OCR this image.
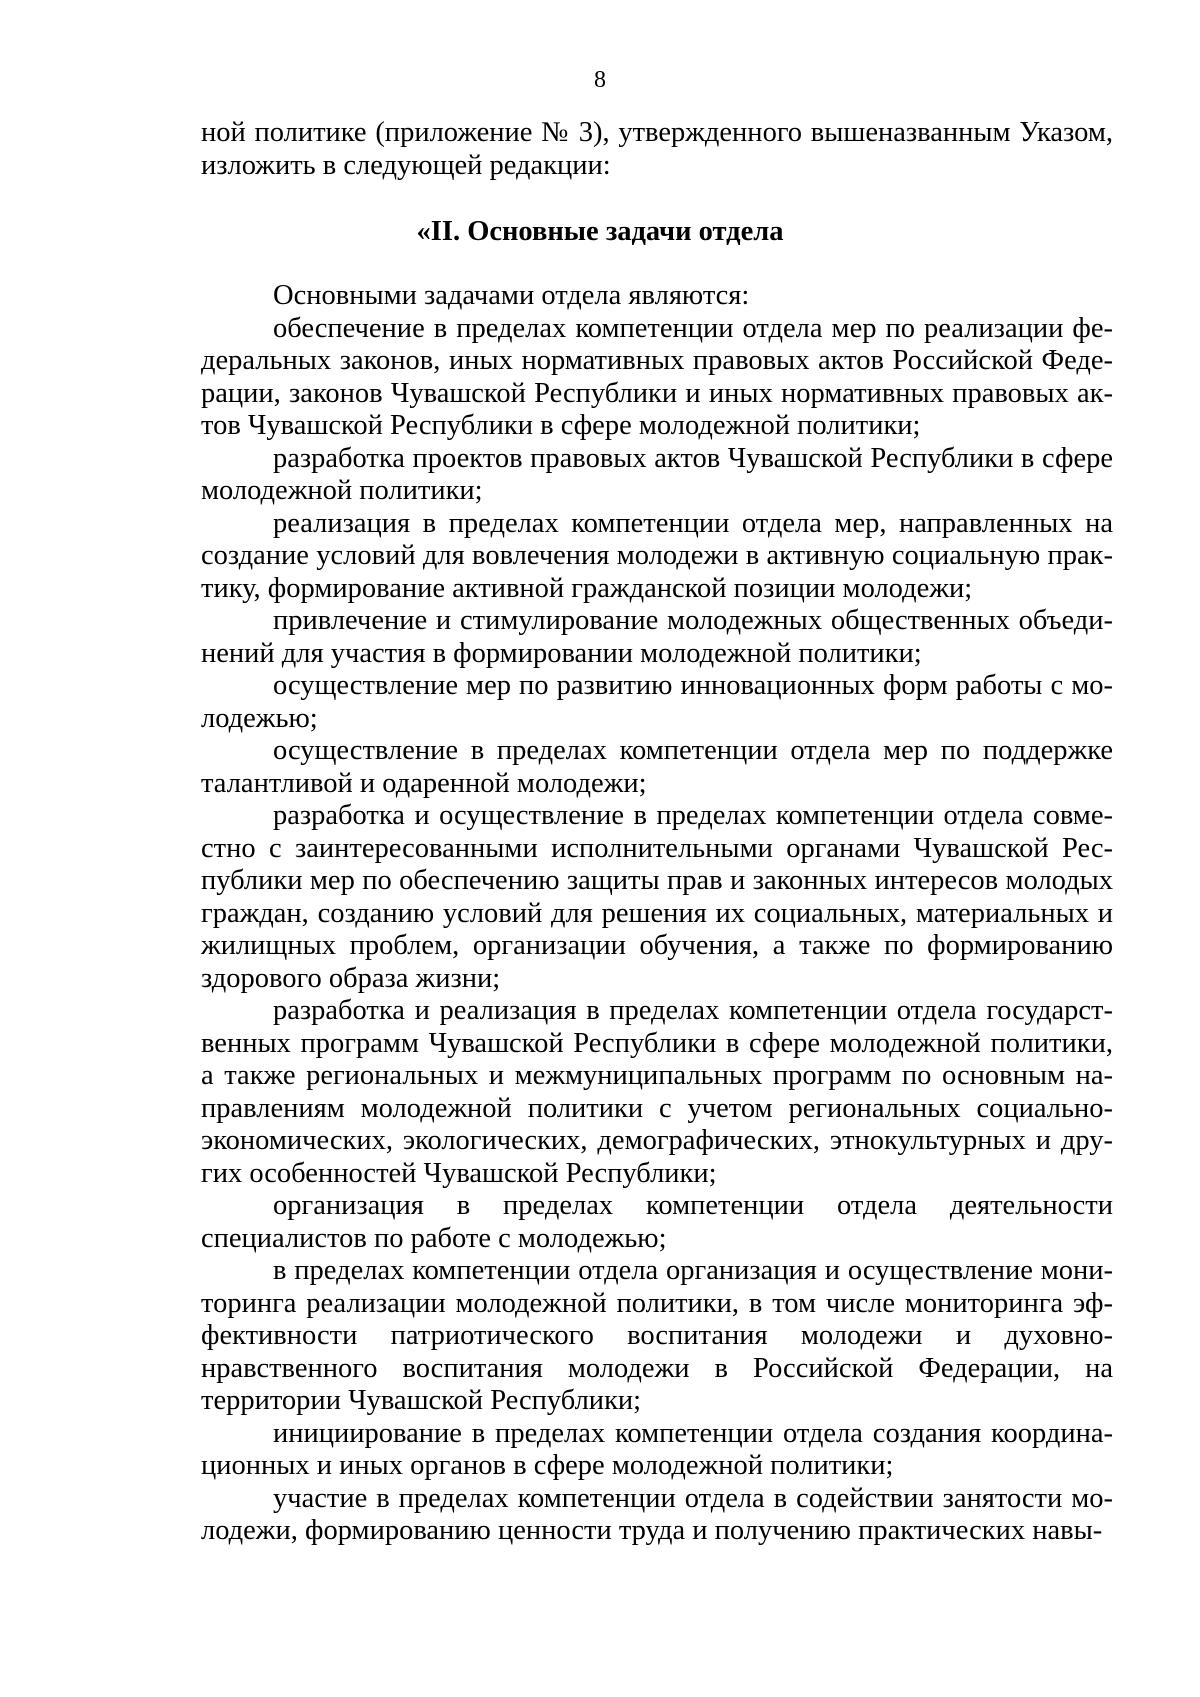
8
ной политике (приложение № 3), утвержденного вышеназванным Указом, изложить в следующей редакции:
«II. Основные задачи отдела

Основными задачами отдела являются:

обеспечение в пределах компетенции отдела мер по реализации федеральных законов, иных нормативных правовых актов Российской Федерации, законов Чувашской Республики и иных нормативных правовых актов Чувашской Республики в сфере молодежной политики;

разработка проектов правовых актов Чувашской Республики в сфере молодежной политики;

реализация в пределах компетенции отдела мер, направленных на создание условий для вовлечения молодежи в активную социальную практику, формирование активной гражданской позиции молодежи;

привлечение и стимулирование молодежных общественных объединений для участия в формировании молодежной политики;

осуществление мер по развитию инновационных форм работы с молодежью;

осуществление в пределах компетенции отдела мер по поддержке талантливой и одаренной молодежи;

разработка и осуществление в пределах компетенции отдела совместно с заинтересованными исполнительными органами Чувашской Республики мер по обеспечению защиты прав и законных интересов молодых граждан, созданию условий для решения их социальных, материальных и жилищных проблем, организации обучения, а также по формированию здорового образа жизни;

разработка и реализация в пределах компетенции отдела государственных программ Чувашской Республики в сфере молодежной политики, а также региональных и межмуниципальных программ по основным направлениям молодежной политики с учетом региональных социально-экономических, экологических, демографических, этнокультурных и других особенностей Чувашской Республики;

организация в пределах компетенции отдела деятельности специалистов по работе с молодежью;

в пределах компетенции отдела организация и осуществление мониторинга реализации молодежной политики, в том числе мониторинга эффективности патриотического воспитания молодежи и духовно-нравственного воспитания молодежи в Российской Федерации, на территории Чувашской Республики;

инициирование в пределах компетенции отдела создания координационных и иных органов в сфере молодежной политики;

участие в пределах компетенции отдела в содействии занятости молодежи, формированию ценности труда и получению практических навы-
